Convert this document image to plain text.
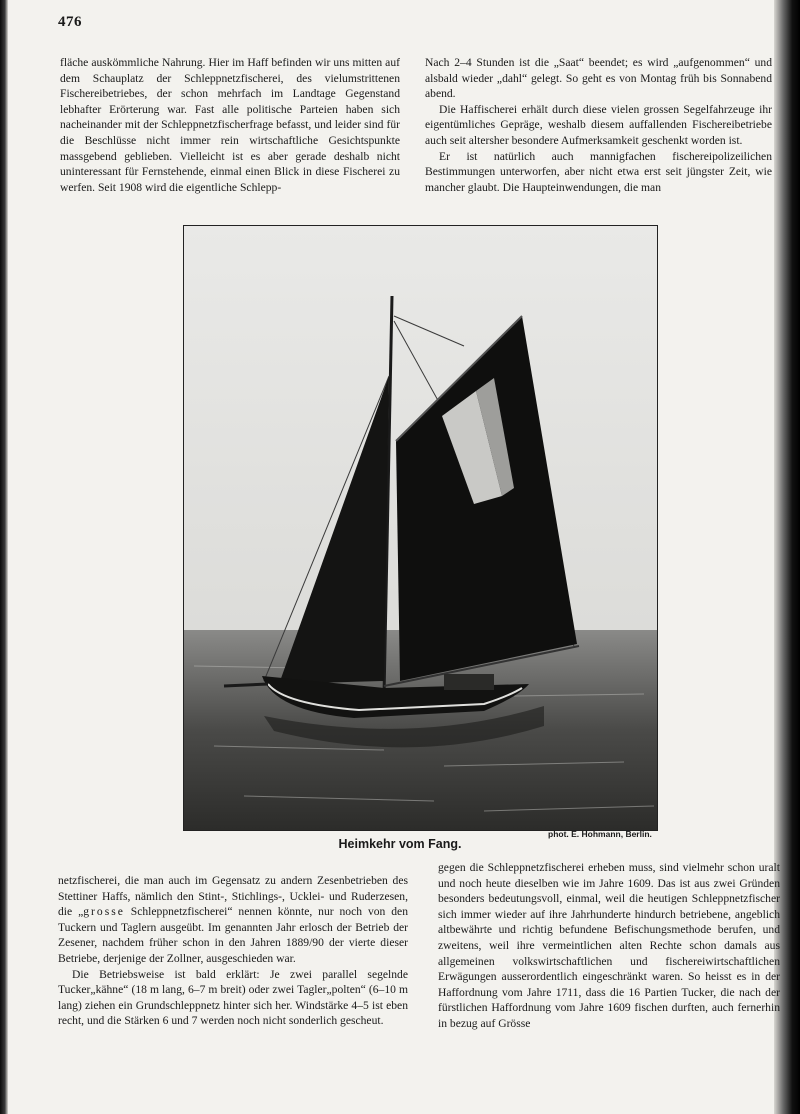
476

fläche auskömmliche Nahrung. Hier im Haff befinden wir uns mitten auf dem Schauplatz der Schleppnetzfischerei, des vielumstrittenen Fischereibetriebes, der schon mehrfach im Landtage Gegenstand lebhafter Erörterung war. Fast alle politische Parteien haben sich nacheinander mit der Schleppnetzfischerfrage befasst, und leider sind für die Beschlüsse nicht immer rein wirtschaftliche Gesichtspunkte massgebend geblieben. Vielleicht ist es aber gerade deshalb nicht uninteressant für Fernstehende, einmal einen Blick in diese Fischerei zu werfen. Seit 1908 wird die eigentliche Schlepp-

Nach 2–4 Stunden ist die „Saat“ beendet; es wird „aufgenommen“ und alsbald wieder „dahl“ gelegt. So geht es von Montag früh bis Sonnabend abend.

Die Haffischerei erhält durch diese vielen grossen Segelfahrzeuge ihr eigentümliches Gepräge, weshalb diesem auffallenden Fischereibetriebe auch seit altersher besondere Aufmerksamkeit geschenkt worden ist.

Er ist natürlich auch mannigfachen fischereipolizeilichen Bestimmungen unterworfen, aber nicht etwa erst seit jüngster Zeit, wie mancher glaubt. Die Haupteinwendungen, die man

phot. E. Hohmann, Berlin.
Heimkehr vom Fang.

netzfischerei, die man auch im Gegensatz zu andern Zesenbetrieben des Stettiner Haffs, nämlich den Stint-, Stichlings-, Ucklei- und Ruderzesen, die „grosse Schleppnetzfischerei“ nennen könnte, nur noch von den Tuckern und Taglern ausgeübt. Im genannten Jahr erlosch der Betrieb der Zesener, nachdem früher schon in den Jahren 1889/90 der vierte dieser Betriebe, derjenige der Zollner, ausgeschieden war.

Die Betriebsweise ist bald erklärt: Je zwei parallel segelnde Tucker„kähne“ (18 m lang, 6–7 m breit) oder zwei Tagler„polten“ (6–10 m lang) ziehen ein Grundschleppnetz hinter sich her. Windstärke 4–5 ist eben recht, und die Stärken 6 und 7 werden noch nicht sonderlich gescheut.

gegen die Schleppnetzfischerei erheben muss, sind vielmehr schon uralt und noch heute dieselben wie im Jahre 1609. Das ist aus zwei Gründen besonders bedeutungsvoll, einmal, weil die heutigen Schleppnetzfischer sich immer wieder auf ihre Jahrhunderte hindurch betriebene, angeblich altbewährte und richtig befundene Befischungsmethode berufen, und zweitens, weil ihre vermeintlichen alten Rechte schon damals aus allgemeinen volkswirtschaftlichen und fischereiwirtschaftlichen Erwägungen ausserordentlich eingeschränkt waren. So heisst es in der Haffordnung vom Jahre 1711, dass die 16 Partien Tucker, die nach der fürstlichen Haffordnung vom Jahre 1609 fischen durften, auch fernerhin in bezug auf Grösse
